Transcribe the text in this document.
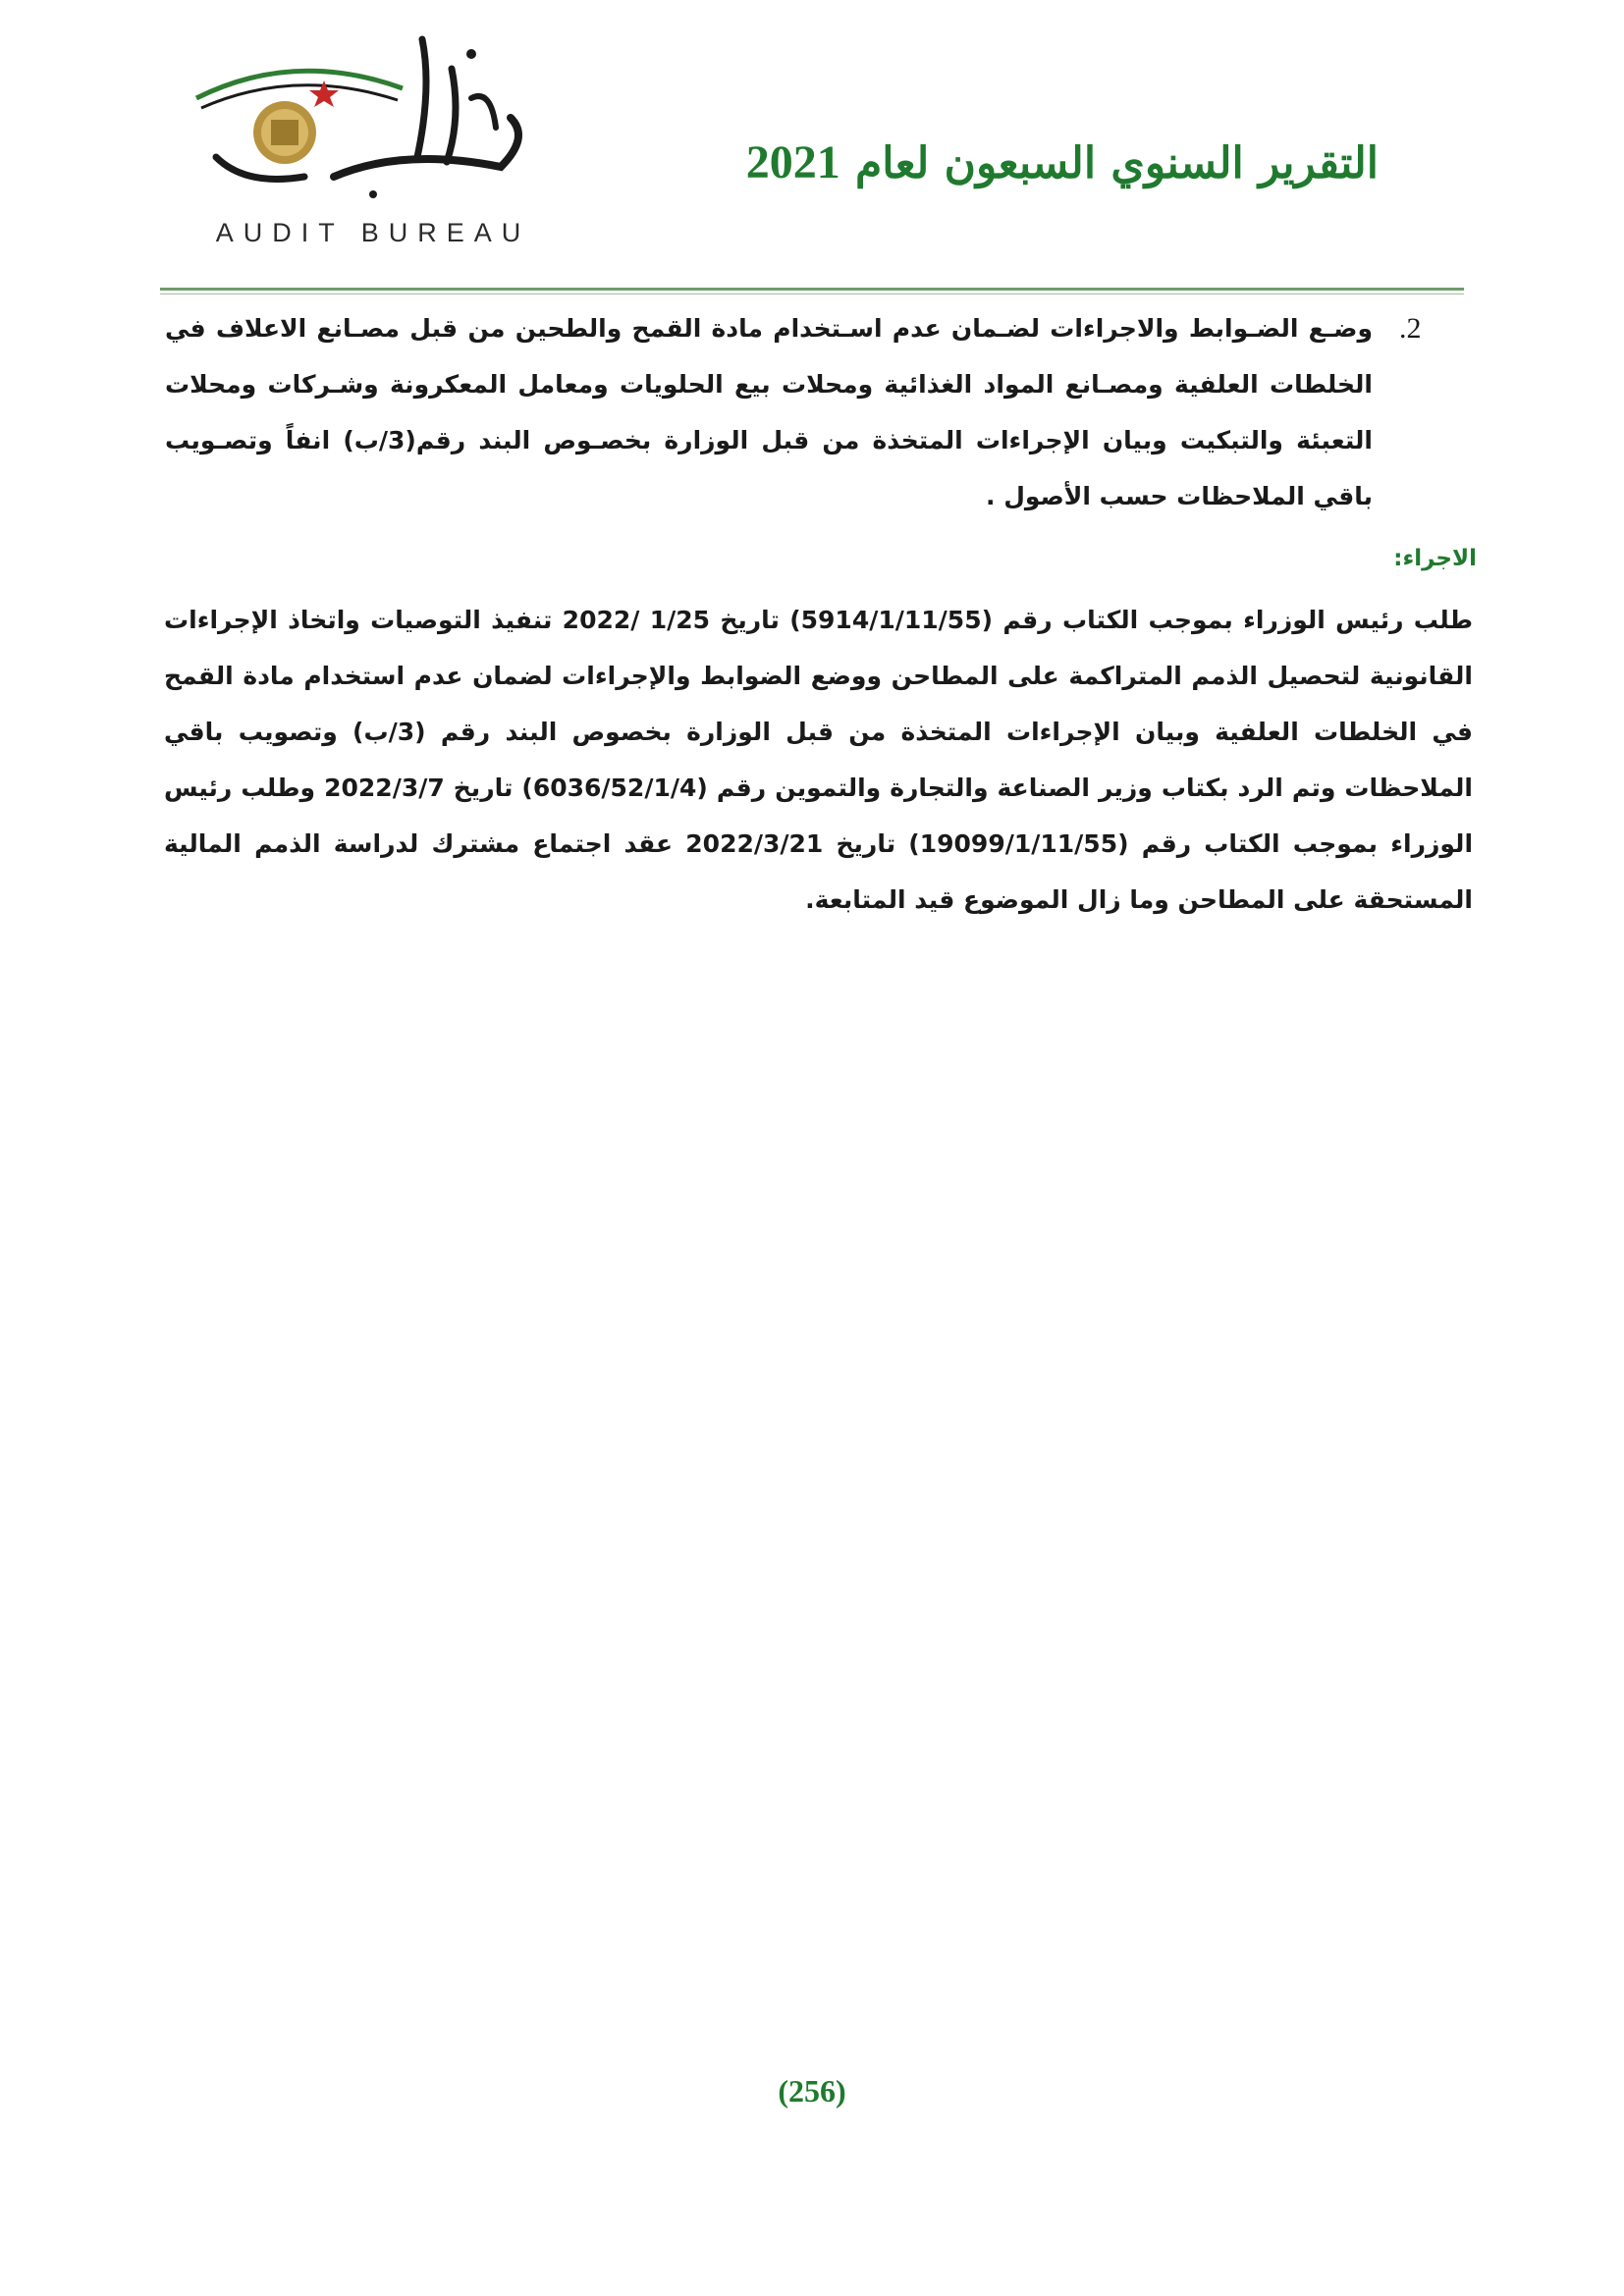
AUDIT BUREAU
التقرير السنوي السبعون لعام 2021
.2
وضـع الضـوابط والاجراءات لضـمان عدم اسـتخدام مادة القمح والطحين من قبل مصـانع الاعلاف في الخلطات العلفية ومصـانع المواد الغذائية ومحلات بيع الحلويات ومعامل المعكرونة وشـركات ومحلات التعبئة والتبكيت وبيان الإجراءات المتخذة من قبل الوزارة بخصـوص البند رقم(3/ب) انفاً وتصـويب باقي الملاحظات حسب الأصول .
الاجراء:
طلب رئيس الوزراء بموجب الكتاب رقم (5914/1/11/55) تاريخ 1/25 /2022 تنفيذ التوصيات واتخاذ الإجراءات القانونية لتحصيل الذمم المتراكمة على المطاحن ووضع الضوابط والإجراءات لضمان عدم استخدام مادة القمح في الخلطات العلفية وبيان الإجراءات المتخذة من قبل الوزارة بخصوص البند رقم (3/ب) وتصويب باقي الملاحظات وتم الرد بكتاب وزير الصناعة والتجارة والتموين رقم (6036/52/1/4) تاريخ 2022/3/7 وطلب رئيس الوزراء بموجب الكتاب رقم (19099/1/11/55) تاريخ 2022/3/21 عقد اجتماع مشترك لدراسة الذمم المالية المستحقة على المطاحن وما زال الموضوع قيد المتابعة.
(256)
